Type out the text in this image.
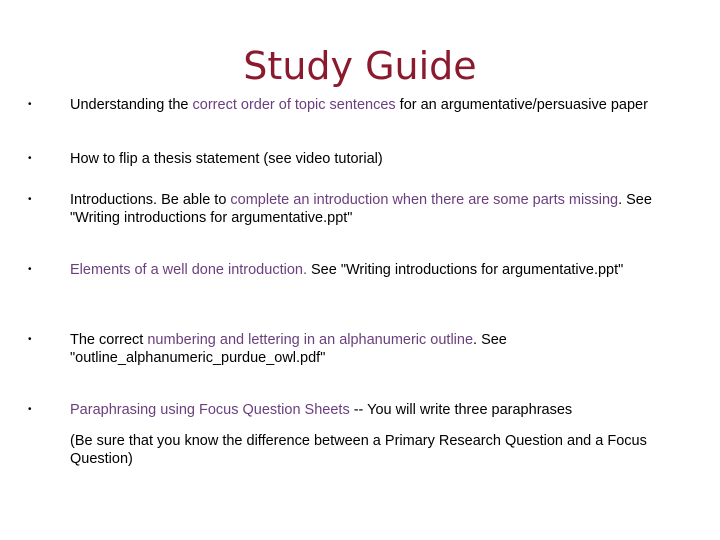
Study Guide
•	Understanding the correct order of topic sentences for an argumentative/persuasive paper
•	How to flip a thesis statement (see video tutorial)
•	Introductions. Be able to complete an introduction when there are some parts missing. See "Writing introductions for argumentative.ppt"
•	Elements of a well done introduction. See "Writing introductions for argumentative.ppt"
•	The correct numbering and lettering in an alphanumeric outline. See "outline_alphanumeric_purdue_owl.pdf"
•	Paraphrasing using Focus Question Sheets -- You will write three paraphrases
(Be sure that you know the difference between a Primary Research Question and a Focus Question)
